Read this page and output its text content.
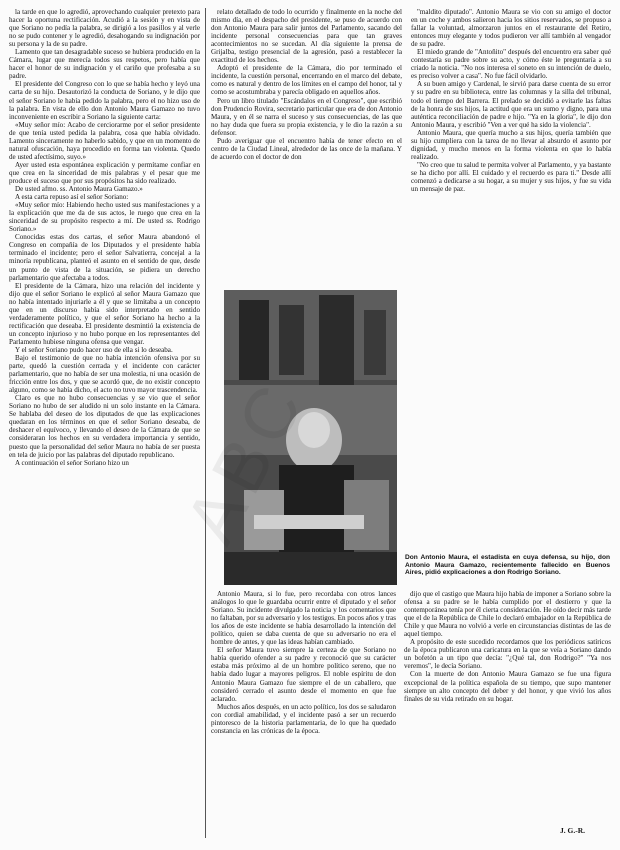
la tarde en que lo agredió, aprovechando cualquier pretexto para hacer la oportuna rectificación. Acudió a la sesión y en vista de que Soriano no pedía la palabra, se dirigió a los pasillos y al verle no se pudo contener y le agredió, desahogando su indignación por su persona y la de su padre.

Lamento que tan desagradable suceso se hubiera producido en la Cámara, lugar que merecía todos sus respetos, pero había que hacer el honor de su indignación y el cariño que profesaba a su padre.

El presidente del Congreso con lo que se había hecho y leyó una carta de su hijo. Desautorizó la conducta de Soriano, y le dijo que el señor Soriano le había pedido la palabra, pero el no hizo uso de la palabra. En vista de ello don Antonio Maura Gamazo no tuvo inconveniente en escribir a Soriano la siguiente carta:

«Muy señor mío: Acabo de cerciorarme por el señor presidente de que tenía usted pedida la palabra, cosa que había olvidado. Lamento sinceramente no haberlo sabido, y que en un momento de natural ofuscación, haya procedido en forma tan violenta. Quedo de usted afectísimo, suyo.»

Ayer usted esta espontánea explicación y permítame confiar en que crea en la sinceridad de mis palabras y el pesar que me produce el suceso que por sus propósitos ha sido realizado.

De usted afmo. ss. Antonio Maura Gamazo.»

A esta carta repuso así el señor Soriano:

«Muy señor mío: Habiendo hecho usted sus manifestaciones y a la explicación que me da de sus actos, le ruego que crea en la sinceridad de su propósito respecto a mí. De usted ss. Rodrigo Soriano.»

Conocidas estas dos cartas, el señor Maura abandonó el Congreso en compañía de los Diputados y el presidente había terminado el incidente; pero el señor Salvatierra, concejal a la minoría republicana, planteó el asunto en el sentido de que, desde un punto de vista de la situación, se pidiera un derecho parlamentario que afectaba a todos.

El presidente de la Cámara, hizo una relación del incidente y dijo que el señor Soriano le explicó al señor Maura Gamazo que no había intentado injuriarle a él y que se limitaba a un concepto que en un discurso había sido interpretado en sentido verdaderamente político, y que el señor Soriano ha hecho a la rectificación que deseaba. El presidente desmintió la existencia de un concepto injurioso y no hubo porque en los representantes del Parlamento hubiese ninguna ofensa que vengar.

Y el señor Soriano pudo hacer uso de ella si lo deseaba.

Bajo el testimonio de que no había intención ofensiva por su parte, quedó la cuestión cerrada y el incidente con carácter parlamentario, que no había de ser una molestia, ni una ocasión de fricción entre los dos, y que se acordó que, de no existir concepto alguno, como se había dicho, el acto no tuvo mayor trascendencia.

Claro es que no hubo consecuencias y se vio que el señor Soriano no hubo de ser aludido ni un solo instante en la Cámara. Se hablaba del deseo de los diputados de que las explicaciones quedaran en los términos en que el señor Soriano deseaba, de deshacer el equívoco, y llevando el deseo de la Cámara de que se consideraran los hechos en su verdadera importancia y sentido, puesto que la personalidad del señor Maura no había de ser puesta en tela de juicio por las palabras del diputado republicano.

A continuación el señor Soriano hizo un

relato detallado de todo lo ocurrido y finalmente en la noche del mismo día, en el despacho del presidente, se puso de acuerdo con don Antonio Maura para salir juntos del Parlamento, sacando del incidente personal consecuencias para que tan graves acontecimientos no se sucedan. Al día siguiente la prensa de Grijalba, testigo presencial de la agresión, pasó a restablecer la exactitud de los hechos.

Adoptó el presidente de la Cámara, dio por terminado el incidente, la cuestión personal, encerrando en el marco del debate, como es natural y dentro de los límites en el campo del honor, tal y como se acostumbraba y parecía obligado en aquellos años.

Pero un libro titulado "Escándalos en el Congreso", que escribió don Prudencio Rovira, secretario particular que era de don Antonio Maura, y en él se narra el suceso y sus consecuencias, de las que no hay duda que fuera su propia existencia, y le dio la razón a su defensor.

Pudo averiguar que el encuentro había de tener efecto en el centro de la Ciudad Lineal, alrededor de las once de la mañana. Y de acuerdo con el doctor de don

"maldito diputado". Antonio Maura se vio con su amigo el doctor en un coche y ambos salieron hacia los sitios reservados, se propuso a fallar la voluntad, almorzaron juntos en el restaurante del Retiro, entonces muy elegante y todos pudieron ver allí también al vengador de su padre.

El miedo grande de "Antoñito" después del encuentro era saber qué contestaría su padre sobre su acto, y cómo éste le preguntaría a su criado la noticia. "No nos interesa el soneto en su intención de duelo, es preciso volver a casa". No fue fácil olvidarlo.

A su buen amigo y Cardenal, le sirvió para darse cuenta de su error y su padre en su biblioteca, entre las columnas y la silla del tribunal, todo el tiempo del Barrera. El prelado se decidió a evitarle las faltas de la honra de sus hijos, la actitud que era un sumo y digno, para una auténtica reconciliación de padre e hijo. "Ya en la gloria", le dijo don Antonio Maura, y escribió "Ven a ver qué ha sido la violencia".

Antonio Maura, que quería mucho a sus hijos, quería también que su hijo cumpliera con la tarea de no llevar al absurdo el asunto por dignidad, y mucho menos en la forma violenta en que lo había realizado.

"No creo que tu salud te permita volver al Parlamento, y ya bastante se ha dicho por allí. El cuidado y el recuerdo es para ti." Desde allí comenzó a dedicarse a su hogar, a su mujer y sus hijos, y fue su vida un mensaje de paz.

Don Antonio Maura, el estadista en cuya defensa, su hijo, don Antonio Maura Gamazo, recientemente fallecido en Buenos Aires, pidió explicaciones a don Rodrigo Soriano.

Antonio Maura, si lo fue, pero recordaba con otros lances análogos lo que le guardaba ocurrir entre el diputado y el señor Soriano. Su incidente divulgado la noticia y los comentarios que no faltaban, por su adversario y los testigos. En pocos años y tras los años de este incidente se había desarrollado la intención del político, quien se daba cuenta de que su adversario no era el hombre de antes, y que las ideas habían cambiado.

El señor Maura tuvo siempre la certeza de que Soriano no había querido ofender a su padre y reconoció que su carácter estaba más próximo al de un hombre político sereno, que no había dado lugar a mayores peligros. El noble espíritu de don Antonio Maura Gamazo fue siempre el de un caballero, que consideró cerrado el asunto desde el momento en que fue aclarado.

Muchos años después, en un acto político, los dos se saludaron con cordial amabilidad, y el incidente pasó a ser un recuerdo pintoresco de la historia parlamentaria, de lo que ha quedado constancia en las crónicas de la época.

dijo que el castigo que Maura hijo había de imponer a Soriano sobre la ofensa a su padre se le había cumplido por el destierro y que la contemporánea tenía por él cierta consideración. He oído decir más tarde que el de la República de Chile lo declaró embajador en la República de Chile y que Maura no volvió a verle en circunstancias distintas de las de aquel tiempo.

A propósito de este sucedido recordamos que los periódicos satíricos de la época publicaron una caricatura en la que se veía a Soriano dando un bofetón a un tipo que decía: "¿Qué tal, don Rodrigo?" "Ya nos veremos", le decía Soriano.

Con la muerte de don Antonio Maura Gamazo se fue una figura excepcional de la política española de su tiempo, que supo mantener siempre un alto concepto del deber y del honor, y que vivió los años finales de su vida retirado en su hogar.

J. G.-R.
